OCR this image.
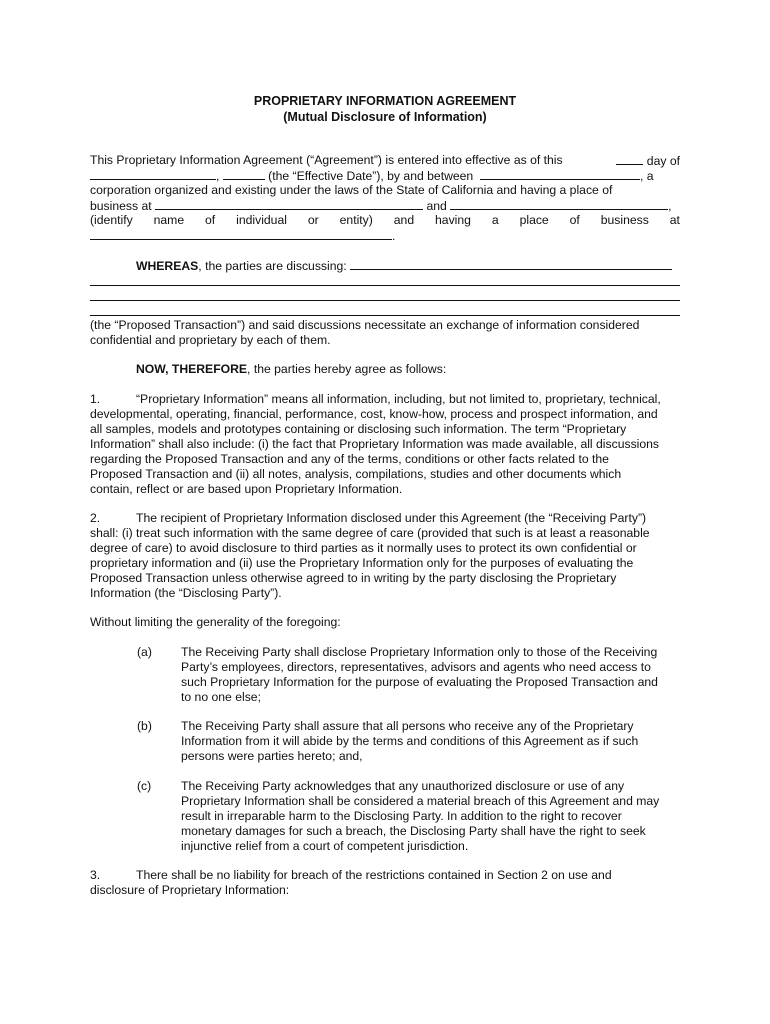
PROPRIETARY INFORMATION AGREEMENT
(Mutual Disclosure of Information)
This Proprietary Information Agreement (“Agreement”) is entered into effective as of this	day of
,	(the “Effective Date”), by and between	, a
corporation organized and existing under the laws of the State of California and having a place of
business at	and	,
(identify name of individual or entity) and having a place of business at
.
WHEREAS, the parties are discussing:
(the “Proposed Transaction”) and said discussions necessitate an exchange of information considered
confidential and proprietary by each of them.
NOW, THEREFORE, the parties hereby agree as follows:
1.	“Proprietary Information” means all information, including, but not limited to, proprietary, technical,
developmental, operating, financial, performance, cost, know-how, process and prospect information, and
all samples, models and prototypes containing or disclosing such information. The term “Proprietary
Information” shall also include: (i) the fact that Proprietary Information was made available, all discussions
regarding the Proposed Transaction and any of the terms, conditions or other facts related to the
Proposed Transaction and (ii) all notes, analysis, compilations, studies and other documents which
contain, reflect or are based upon Proprietary Information.
2.	The recipient of Proprietary Information disclosed under this Agreement (the “Receiving Party”)
shall: (i) treat such information with the same degree of care (provided that such is at least a reasonable
degree of care) to avoid disclosure to third parties as it normally uses to protect its own confidential or
proprietary information and (ii) use the Proprietary Information only for the purposes of evaluating the
Proposed Transaction unless otherwise agreed to in writing by the party disclosing the Proprietary
Information (the “Disclosing Party”).
Without limiting the generality of the foregoing:
(a) The Receiving Party shall disclose Proprietary Information only to those of the Receiving
Party’s employees, directors, representatives, advisors and agents who need access to
such Proprietary Information for the purpose of evaluating the Proposed Transaction and
to no one else;
(b) The Receiving Party shall assure that all persons who receive any of the Proprietary
Information from it will abide by the terms and conditions of this Agreement as if such
persons were parties hereto; and,
(c) The Receiving Party acknowledges that any unauthorized disclosure or use of any
Proprietary Information shall be considered a material breach of this Agreement and may
result in irreparable harm to the Disclosing Party. In addition to the right to recover
monetary damages for such a breach, the Disclosing Party shall have the right to seek
injunctive relief from a court of competent jurisdiction.
3.	There shall be no liability for breach of the restrictions contained in Section 2 on use and
disclosure of Proprietary Information:
